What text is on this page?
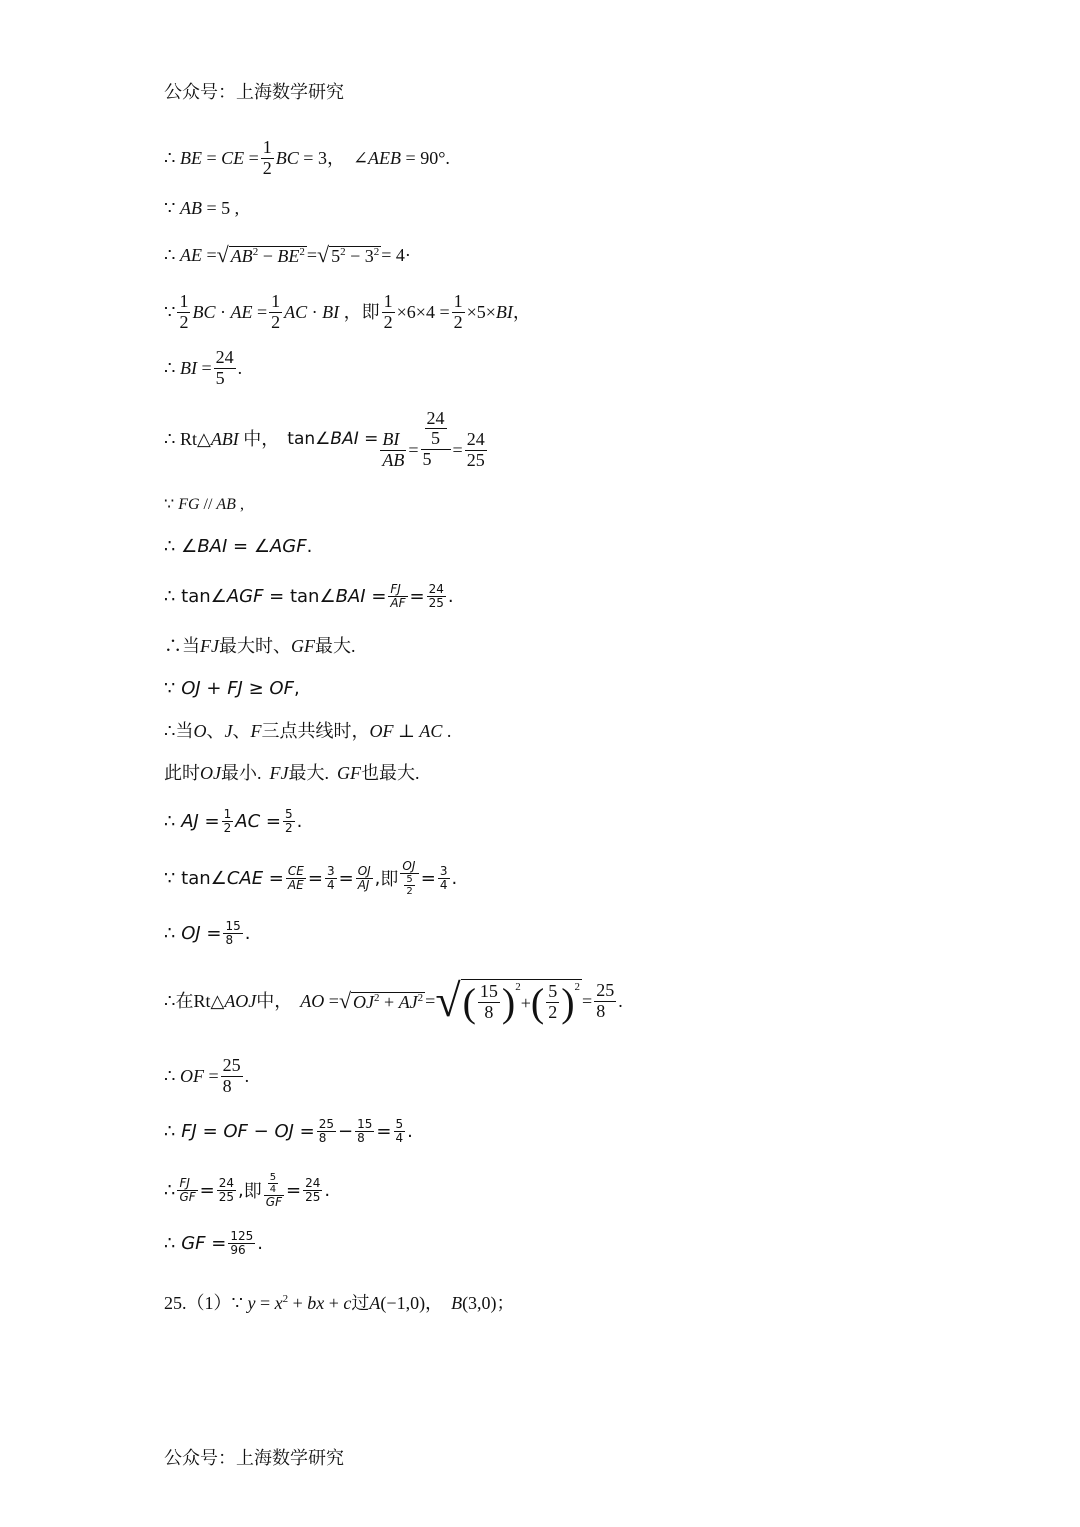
公众号：上海数学研究
∴ BE = CE = $\frac{1}{2}$ BC = 3 ， ∠AEB = 90° .
∵ AB = 5 ,
∴ AE = √ $AB^2 - BE^2$ = √ $5^2 - 3^2 = 4$ ·
∵ $\frac{1}{2}$ BC · AE = $\frac{1}{2}$ AC · BI ， 即 $\frac{1}{2} \times 6\times 4 = \frac{1}{2} \times 5\times BI$ ，
∴ BI = $\frac{24}{5}$ .
∴ Rt△ABI 中， tan∠BAI = $\frac{BI}{AB} = \frac{\frac{24}{5}}{5} = \frac{24}{25}$
∵ FG // AB ,
∴ ∠BAI = ∠AGF.
∴ tan∠AGF = tan∠BAI = $\frac{FJ}{AF} = \frac{24}{25}$ .
∴当FJ 最大时、 GF 最大.
∵ OJ + FJ ≥ OF,
∴ 当 O、J、F 三点共线时， OF ⊥ AC .
此时 OJ 最小. FJ 最大. GF 也最大.
∴ AJ = $\frac{1}{2}$ AC = $\frac{5}{2}$ .
∵ tan∠CAE = $\frac{CE}{AE} = \frac{3}{4} = \frac{OJ}{AJ}$ , 即 $\frac{OJ}{\frac{5}{2}} = \frac{3}{4}$ .
∴ OJ = $\frac{15}{8}$ .
∴ 在 Rt△AOJ 中， AO = √ $OJ^2 + AJ^2$ = √ ( $\frac{15}{8} )^2$
+ ( $\frac{5}{2} )^2$
= $\frac{25}{8}$ .
∴ OF = $\frac{25}{8}$ .
∴ FJ = OF − OJ = $\frac{25}{8} - \frac{15}{8} = \frac{5}{4}$ .
∴ $\frac{FJ}{GF} = \frac{24}{25}$ , 即 $\frac{\frac{5}{4}}{GF} = \frac{24}{25}$ .
∴ GF = $\frac{125}{96}$ .
25.（1） ∵ $y = x^2$ + bx + c 过 A(−1,0)， B(3,0)；
公众号：上海数学研究
